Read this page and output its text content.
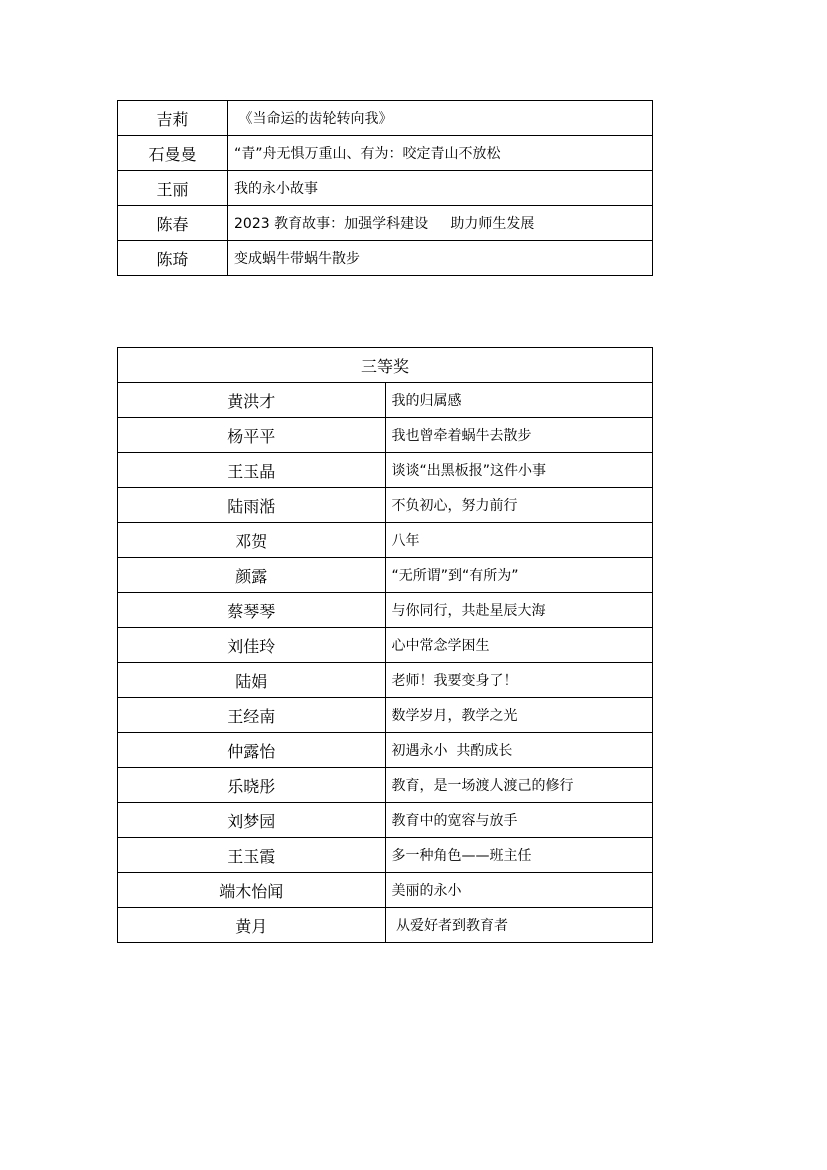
吉莉	《当命运的齿轮转向我》
石曼曼	“青”舟无惧万重山、有为：咬定青山不放松
王丽	我的永小故事
陈春	2023 教育故事：加强学科建设     助力师生发展
陈琦	变成蜗牛带蜗牛散步
三等奖	
黄洪才	我的归属感
杨平平	我也曾牵着蜗牛去散步
王玉晶	谈谈“出黑板报”这件小事
陆雨湉	不负初心，努力前行
邓贺	八年
颜露	“无所谓”到“有所为”
蔡琴琴	与你同行，共赴星辰大海
刘佳玲	心中常念学困生
陆娟	老师！我要变身了！
王经南	数学岁月，教学之光
仲露怡	初遇永小  共酌成长
乐晓彤	教育，是一场渡人渡己的修行
刘梦园	教育中的宽容与放手
王玉霞	多一种角色——班主任
端木怡闻	美丽的永小
黄月	从爱好者到教育者
